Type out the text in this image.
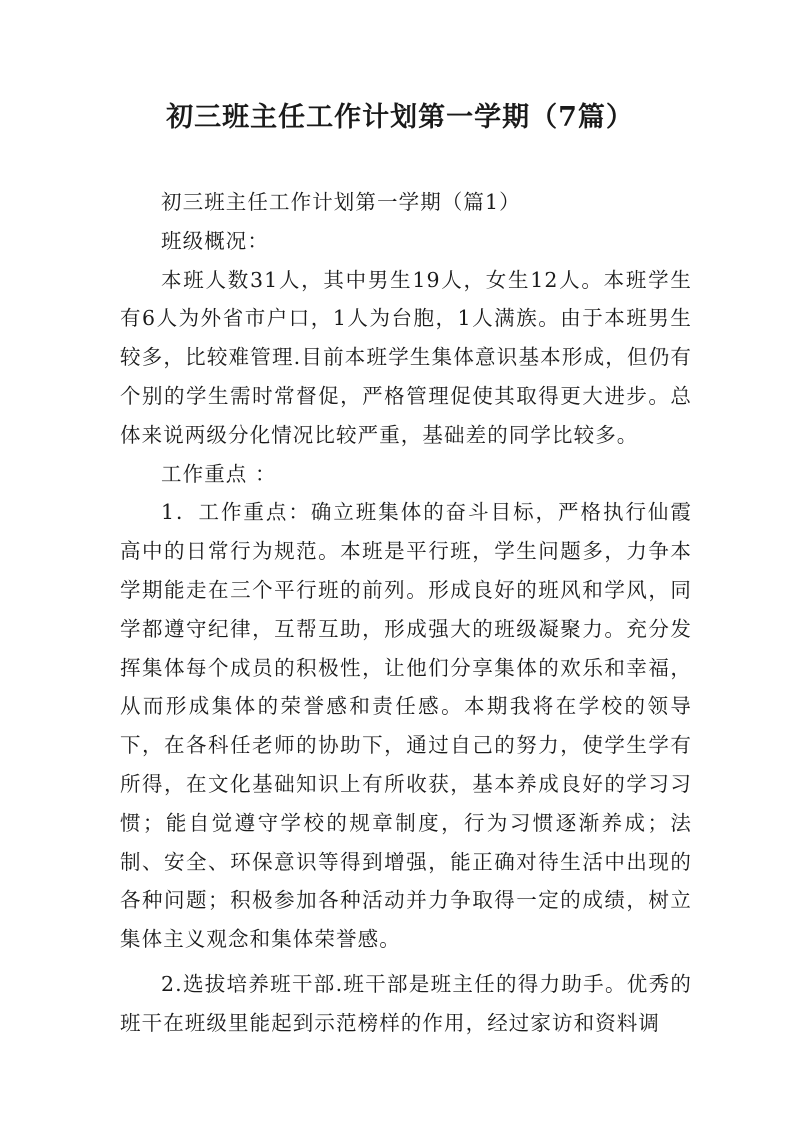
初三班主任工作计划第一学期（7篇）

初三班主任工作计划第一学期（篇1）

班级概况：

本班人数31人，其中男生19人，女生12人。本班学生有6人为外省市户口，1人为台胞，1人满族。由于本班男生较多，比较难管理.目前本班学生集体意识基本形成，但仍有个别的学生需时常督促，严格管理促使其取得更大进步。总体来说两级分化情况比较严重，基础差的同学比较多。

工作重点 ：

1．工作重点：确立班集体的奋斗目标，严格执行仙霞高中的日常行为规范。本班是平行班，学生问题多，力争本学期能走在三个平行班的前列。形成良好的班风和学风，同学都遵守纪律，互帮互助，形成强大的班级凝聚力。充分发挥集体每个成员的积极性，让他们分享集体的欢乐和幸福，从而形成集体的荣誉感和责任感。本期我将在学校的领导下，在各科任老师的协助下，通过自己的努力，使学生学有所得，在文化基础知识上有所收获，基本养成良好的学习习惯；能自觉遵守学校的规章制度，行为习惯逐渐养成；法制、安全、环保意识等得到增强，能正确对待生活中出现的各种问题；积极参加各种活动并力争取得一定的成绩，树立集体主义观念和集体荣誉感。

2.选拔培养班干部.班干部是班主任的得力助手。优秀的班干在班级里能起到示范榜样的作用，经过家访和资料调
